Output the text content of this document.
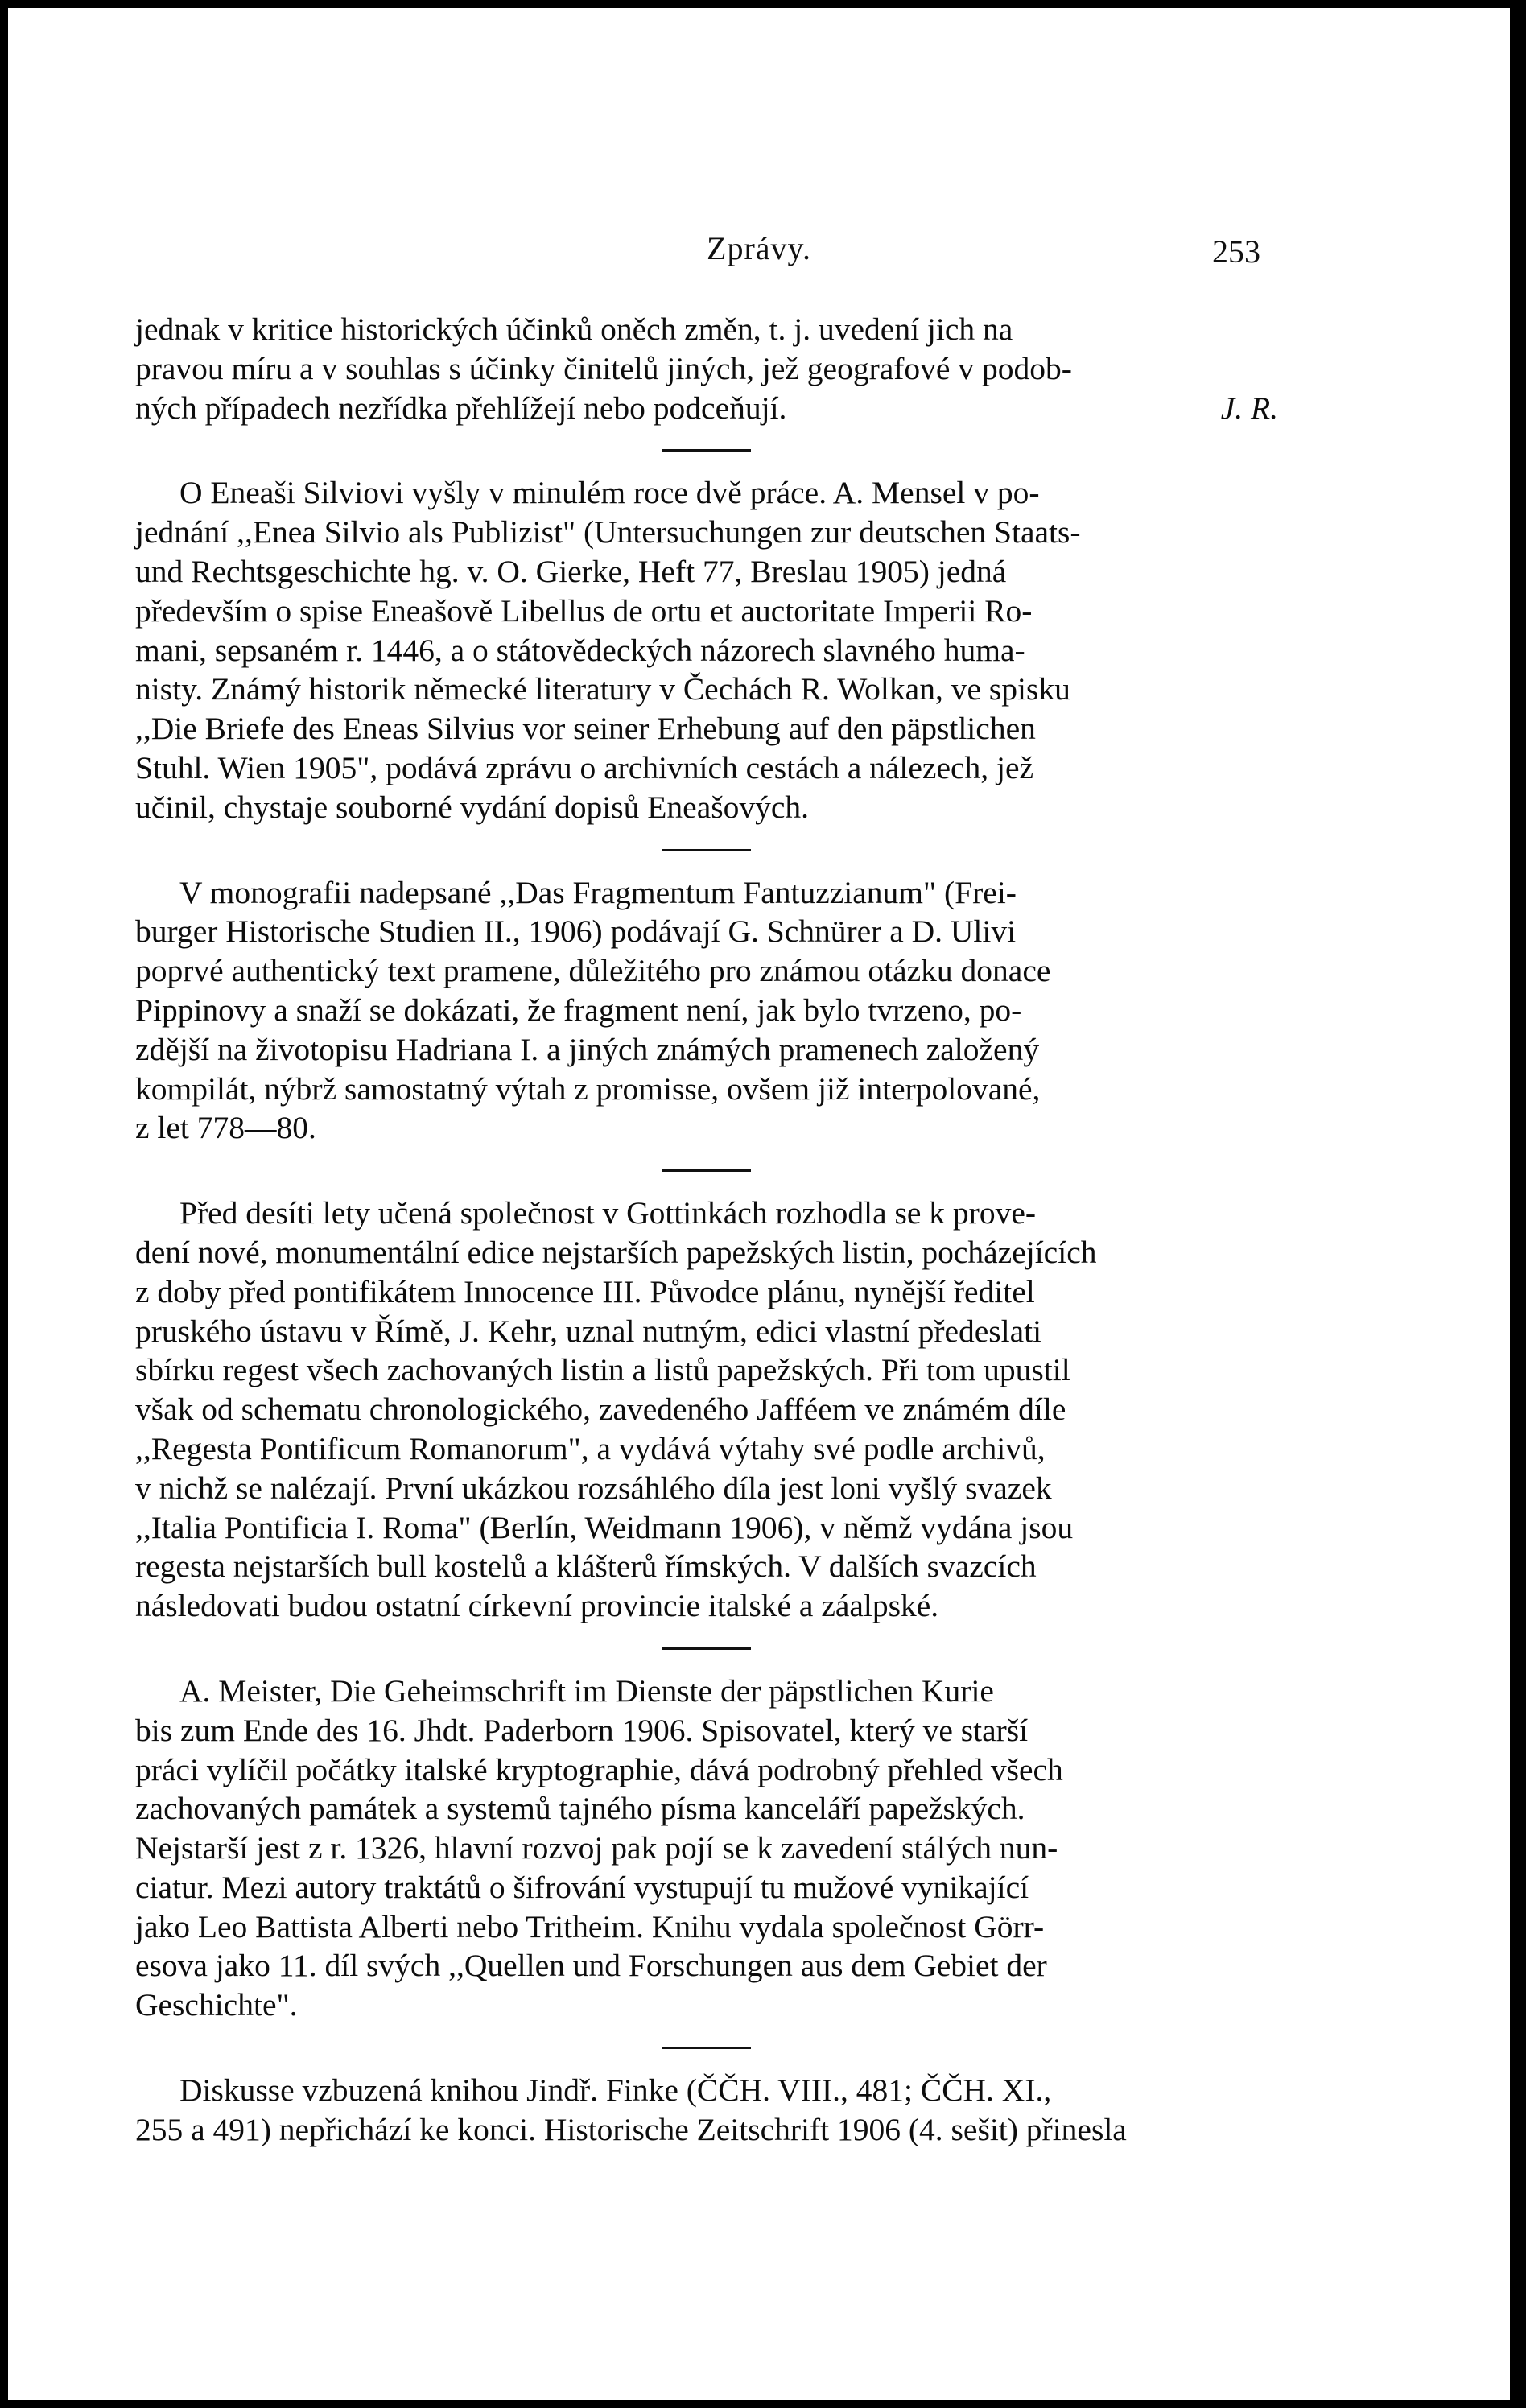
Zprávy.	253

jednak v kritice historických účinků oněch změn, t. j. uvedení jich na

pravou míru a v souhlas s účinky činitelů jiných, jež geografové v podob-

ných případech nezřídka přehlížejí nebo podceňují.	J. R.

O Eneaši Silviovi vyšly v minulém roce dvě práce. A. Mensel v po-

jednání ,,Enea Silvio als Publizist" (Untersuchungen zur deutschen Staats-

und Rechtsgeschichte hg. v. O. Gierke, Heft 77, Breslau 1905) jedná

především o spise Eneašově Libellus de ortu et auctoritate Imperii Ro-

mani, sepsaném r. 1446, a o státovědeckých názorech slavného huma-

nisty. Známý historik německé literatury v Čechách R. Wolkan, ve spisku

,,Die Briefe des Eneas Silvius vor seiner Erhebung auf den päpstlichen

Stuhl. Wien 1905", podává zprávu o archivních cestách a nálezech, jež

učinil, chystaje souborné vydání dopisů Eneašových.

V monografii nadepsané ,,Das Fragmentum Fantuzzianum" (Frei-

burger Historische Studien II., 1906) podávají G. Schnürer a D. Ulivi

poprvé authentický text pramene, důležitého pro známou otázku donace

Pippinovy a snaží se dokázati, že fragment není, jak bylo tvrzeno, po-

zdější na životopisu Hadriana I. a jiných známých pramenech založený

kompilát, nýbrž samostatný výtah z promisse, ovšem již interpolované,

z let 778—80.

Před desíti lety učená společnost v Gottinkách rozhodla se k prove-

dení nové, monumentální edice nejstarších papežských listin, pocházejících

z doby před pontifikátem Innocence III. Původce plánu, nynější ředitel

pruského ústavu v Římě, J. Kehr, uznal nutným, edici vlastní předeslati

sbírku regest všech zachovaných listin a listů papežských. Při tom upustil

však od schematu chronologického, zavedeného Jafféem ve známém díle

,,Regesta Pontificum Romanorum", a vydává výtahy své podle archivů,

v nichž se nalézají. První ukázkou rozsáhlého díla jest loni vyšlý svazek

,,Italia Pontificia I. Roma" (Berlín, Weidmann 1906), v němž vydána jsou

regesta nejstarších bull kostelů a klášterů římských. V dalších svazcích

následovati budou ostatní církevní provincie italské a záalpské.

A. Meister, Die Geheimschrift im Dienste der päpstlichen Kurie

bis zum Ende des 16. Jhdt. Paderborn 1906. Spisovatel, který ve starší

práci vylíčil počátky italské kryptographie, dává podrobný přehled všech

zachovaných památek a systemů tajného písma kanceláří papežských.

Nejstarší jest z r. 1326, hlavní rozvoj pak pojí se k zavedení stálých nun-

ciatur. Mezi autory traktátů o šifrování vystupují tu mužové vynikající

jako Leo Battista Alberti nebo Tritheim. Knihu vydala společnost Görr-

esova jako 11. díl svých ,,Quellen und Forschungen aus dem Gebiet der

Geschichte".

Diskusse vzbuzená knihou Jindř. Finke (ČČH. VIII., 481; ČČH. XI.,

255 a 491) nepřichází ke konci. Historische Zeitschrift 1906 (4. sešit) přinesla
